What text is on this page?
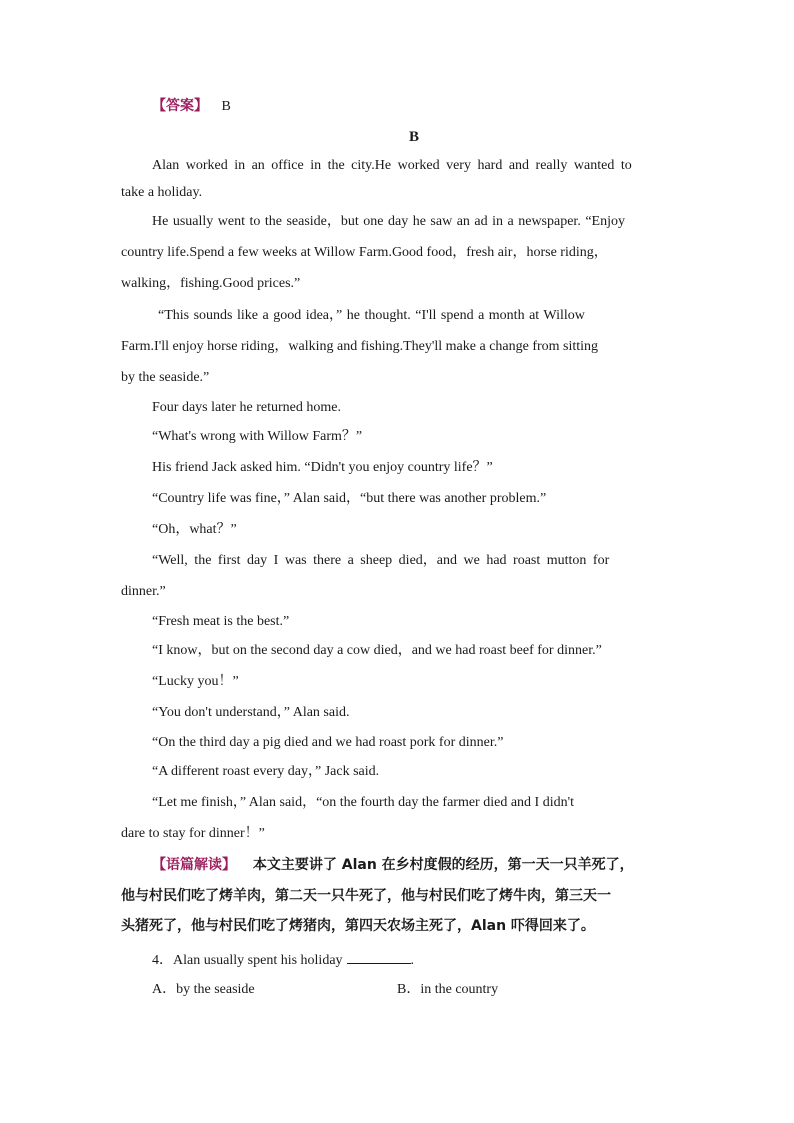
【答案】 B
B
Alan worked in an office in the city.He worked very hard and really wanted to
take a holiday.
He usually went to the seaside，but one day he saw an ad in a newspaper. “Enjoy
country life.Spend a few weeks at Willow Farm.Good food，fresh air，horse riding，
walking，fishing.Good prices.”
“This sounds like a good idea，” he thought. “I'll spend a month at Willow
Farm.I'll enjoy horse riding，walking and fishing.They'll make a change from sitting
by the seaside.”
Four days later he returned home.
“What's wrong with Willow Farm？”
His friend Jack asked him. “Didn't you enjoy country life？”
“Country life was fine，” Alan said，“but there was another problem.”
“Oh，what？”
“Well, the first day I was there a sheep died，and we had roast mutton for
dinner.”
“Fresh meat is the best.”
“I know，but on the second day a cow died，and we had roast beef for dinner.”
“Lucky you！”
“You don't understand，” Alan said.
“On the third day a pig died and we had roast pork for dinner.”
“A different roast every day，” Jack said.
“Let me finish，” Alan said，“on the fourth day the farmer died and I didn't
dare to stay for dinner！”
【语篇解读】 本文主要讲了 Alan 在乡村度假的经历，第一天一只羊死了，
他与村民们吃了烤羊肉，第二天一只牛死了，他与村民们吃了烤牛肉，第三天一
头猪死了，他与村民们吃了烤猪肉，第四天农场主死了，Alan 吓得回来了。
4．Alan usually spent his holiday	.
A．by the seaside	B．in the country
